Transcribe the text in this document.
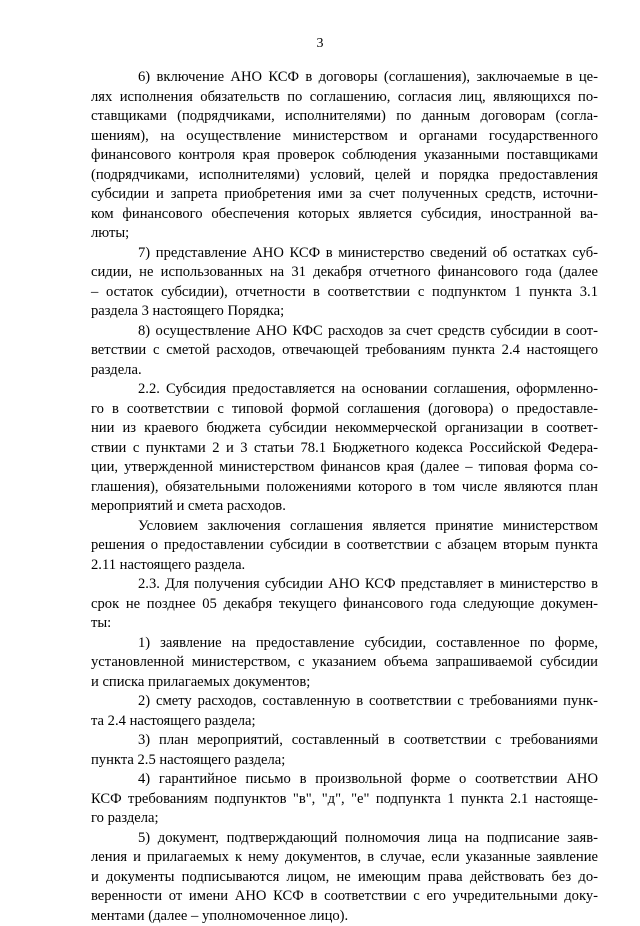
3
6) включение АНО КСФ в договоры (соглашения), заключаемые в це-
лях исполнения обязательств по соглашению, согласия лиц, являющихся по-
ставщиками (подрядчиками, исполнителями) по данным договорам (согла-
шениям), на осуществление министерством и органами государственного
финансового контроля края проверок соблюдения указанными поставщиками
(подрядчиками, исполнителями) условий, целей и порядка предоставления
субсидии и запрета приобретения ими за счет полученных средств, источни-
ком финансового обеспечения которых является субсидия, иностранной ва-
люты;
7) представление АНО КСФ в министерство сведений об остатках суб-
сидии, не использованных на 31 декабря отчетного финансового года (далее
– остаток субсидии), отчетности в соответствии с подпунктом 1 пункта 3.1
раздела 3 настоящего Порядка;
8) осуществление АНО КФС расходов за счет средств субсидии в соот-
ветствии с сметой расходов, отвечающей требованиям пункта 2.4 настоящего
раздела.
2.2. Субсидия предоставляется на основании соглашения, оформленно-
го в соответствии с типовой формой соглашения (договора) о предоставле-
нии из краевого бюджета субсидии некоммерческой организации в соответ-
ствии с пунктами 2 и 3 статьи 78.1 Бюджетного кодекса Российской Федера-
ции, утвержденной министерством финансов края (далее – типовая форма со-
глашения), обязательными положениями которого в том числе являются план
мероприятий и смета расходов.
Условием заключения соглашения является принятие министерством
решения о предоставлении субсидии в соответствии с абзацем вторым пункта
2.11 настоящего раздела.
2.3. Для получения субсидии АНО КСФ представляет в министерство в
срок не позднее 05 декабря текущего финансового года следующие докумен-
ты:
1) заявление на предоставление субсидии, составленное по форме,
установленной министерством, с указанием объема запрашиваемой субсидии
и списка прилагаемых документов;
2) смету расходов, составленную в соответствии с требованиями пунк-
та 2.4 настоящего раздела;
3) план мероприятий, составленный в соответствии с требованиями
пункта 2.5 настоящего раздела;
4) гарантийное письмо в произвольной форме о соответствии АНО
КСФ требованиям подпунктов "в", "д", "е" подпункта 1 пункта 2.1 настояще-
го раздела;
5) документ, подтверждающий полномочия лица на подписание заяв-
ления и прилагаемых к нему документов, в случае, если указанные заявление
и документы подписываются лицом, не имеющим права действовать без до-
веренности от имени АНО КСФ в соответствии с его учредительными доку-
ментами (далее – уполномоченное лицо).
